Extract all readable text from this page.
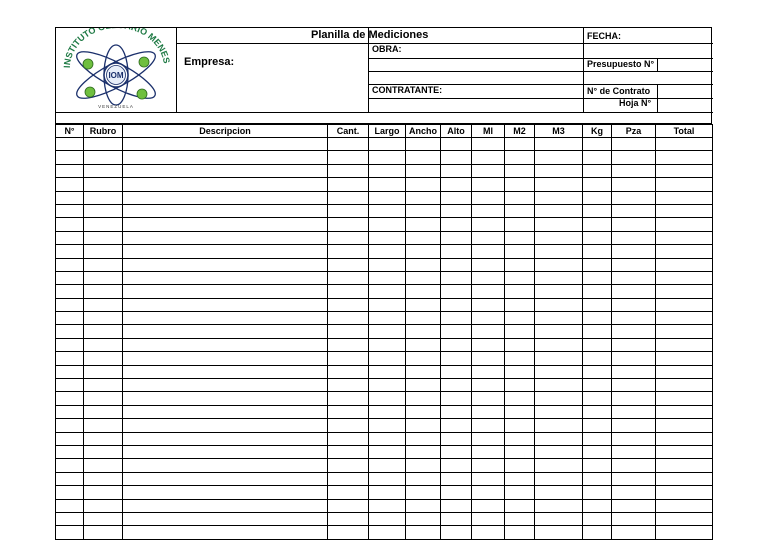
INSTITUTO IO MENES
IOM
VENEZUELA
Planilla de Mediciones
Empresa:
OBRA:
CONTRATANTE:
FECHA:
Presupuesto N°
N° de Contrato
Hoja N°
N°	Rubro	Descripcion	Cant.	Largo	Ancho	Alto	Ml	M2	M3	Kg	Pza	Total
